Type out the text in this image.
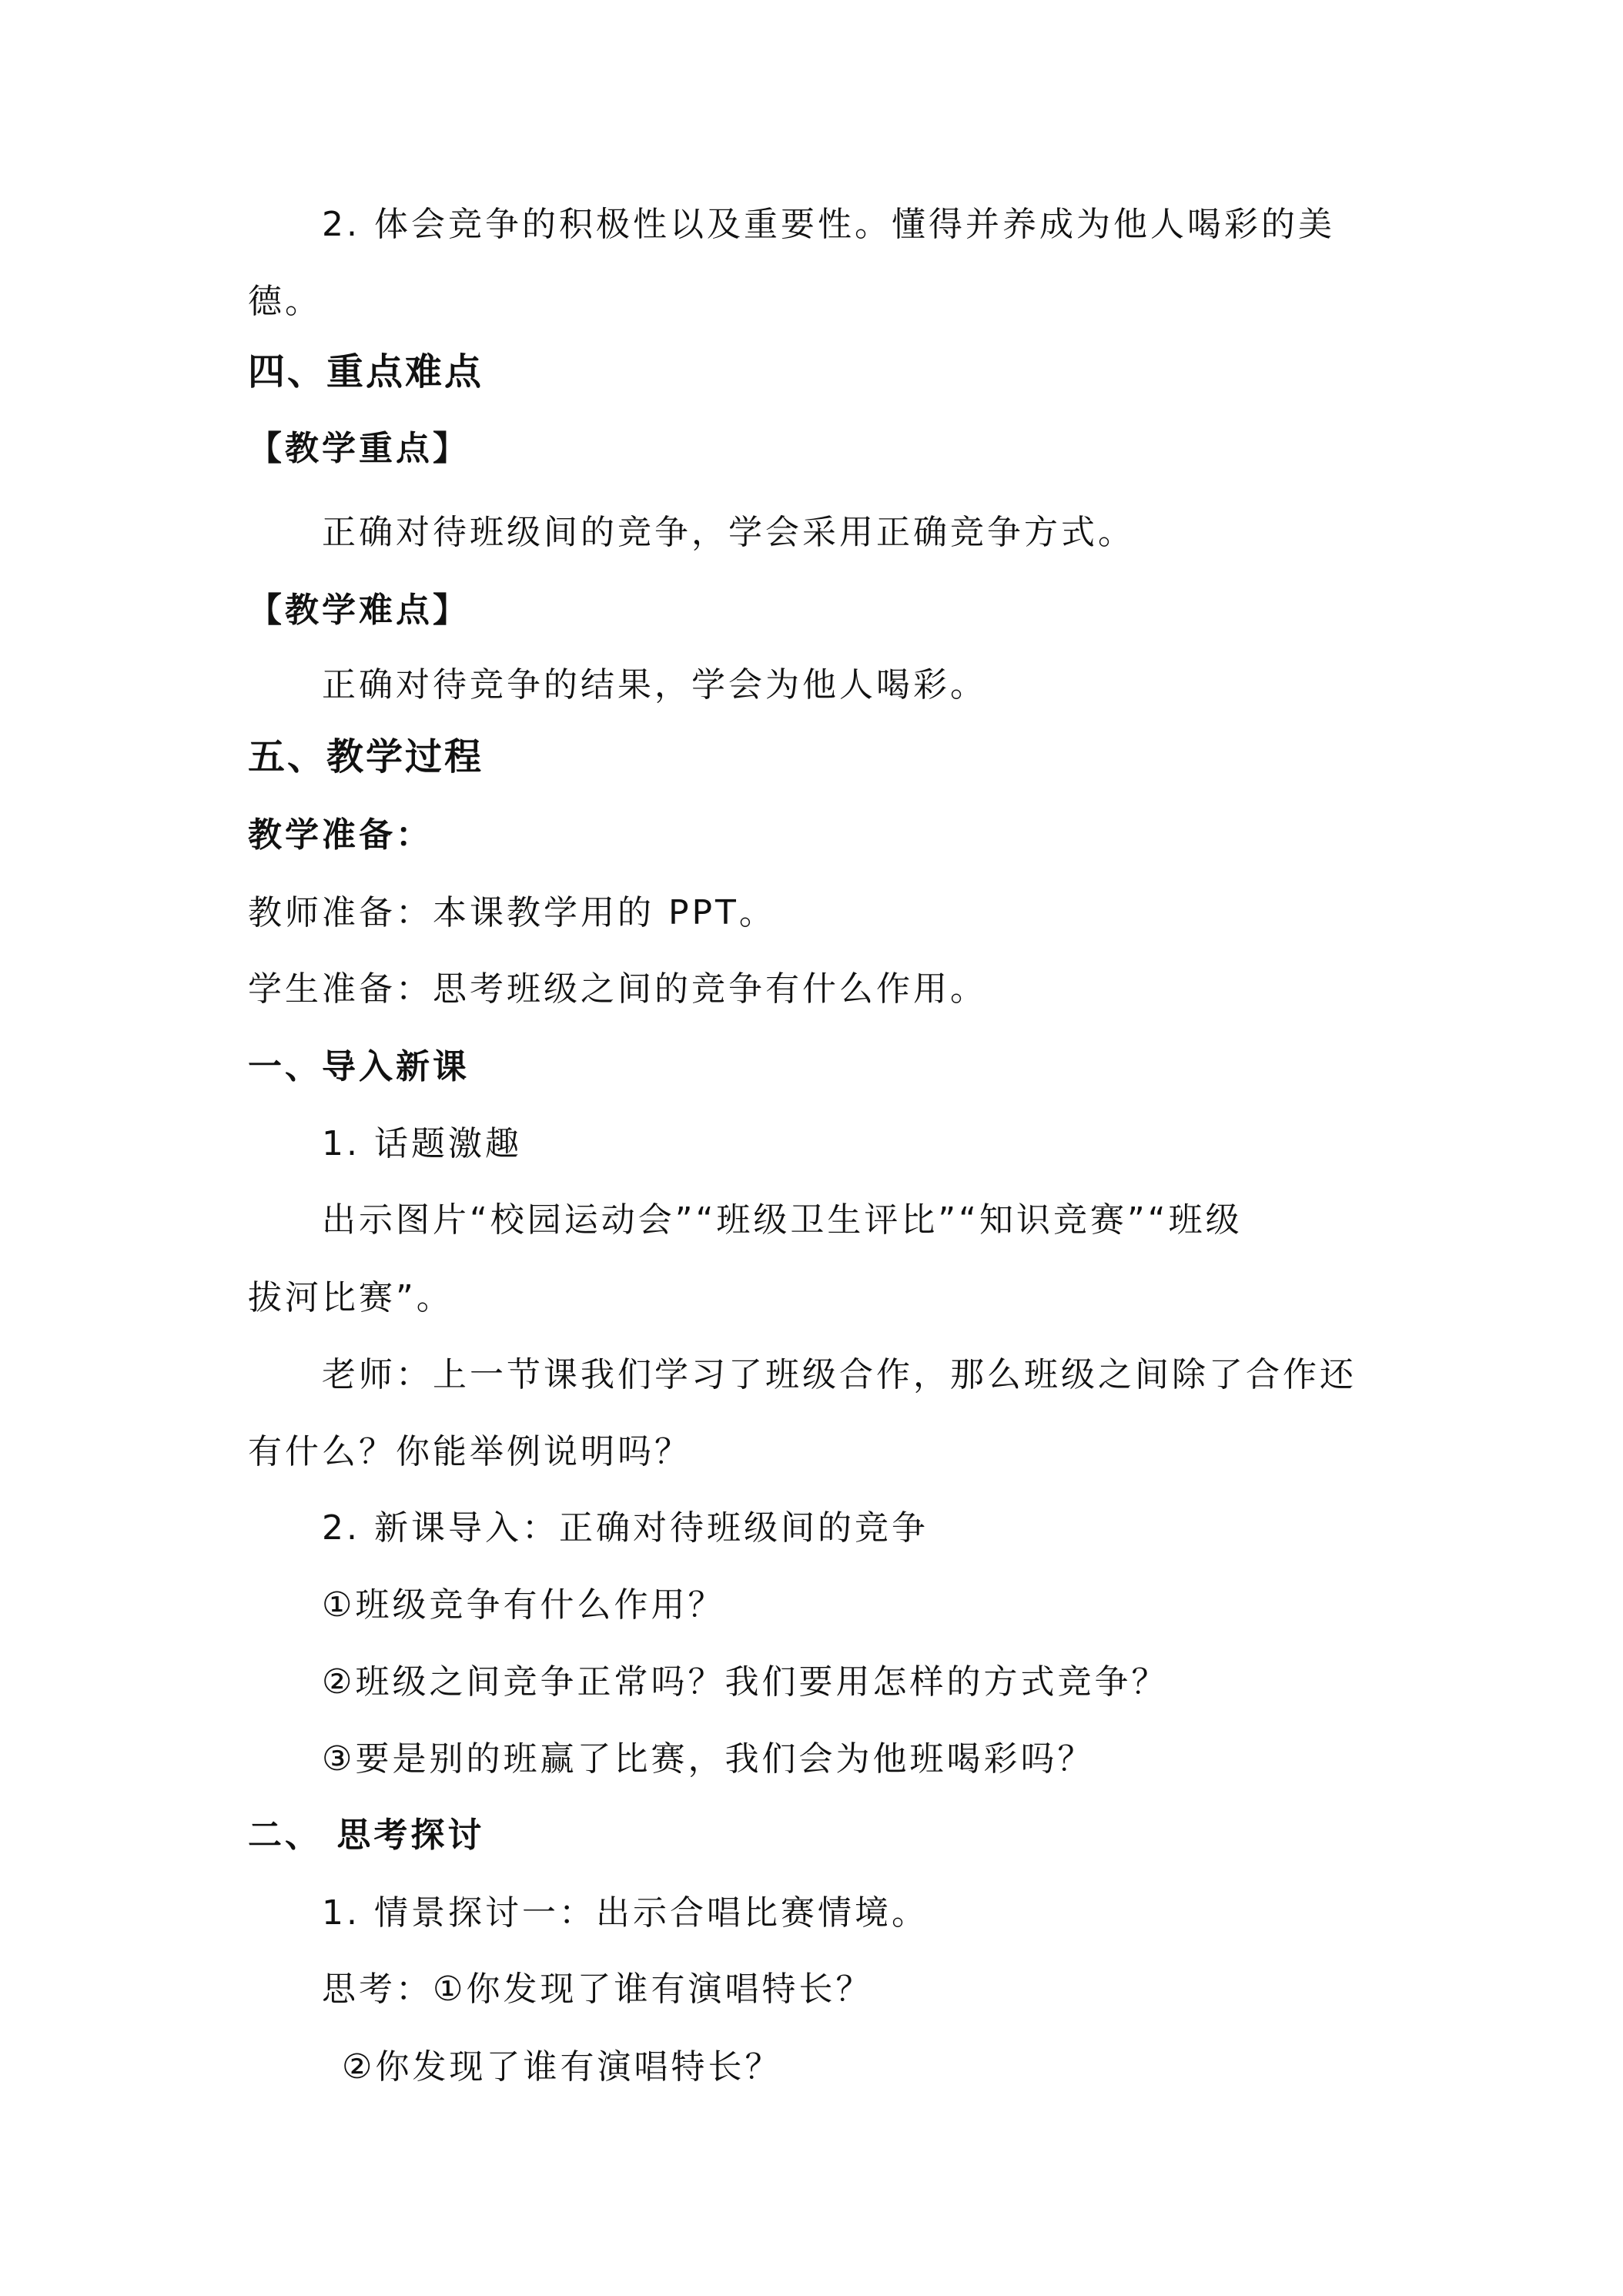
2. 体会竞争的积极性以及重要性。懂得并养成为他人喝彩的美
德。
四、重点难点
【教学重点】
正确对待班级间的竞争，学会采用正确竞争方式。
【教学难点】
正确对待竞争的结果，学会为他人喝彩。
五、教学过程
教学准备：
教师准备：本课教学用的 PPT。
学生准备：思考班级之间的竞争有什么作用。
一、导入新课
1. 话题激趣
出示图片“校园运动会”“班级卫生评比”“知识竞赛”“班级
拔河比赛”。
老师：上一节课我们学习了班级合作，那么班级之间除了合作还
有什么？你能举例说明吗？
2. 新课导入：正确对待班级间的竞争
①班级竞争有什么作用？
②班级之间竞争正常吗？我们要用怎样的方式竞争？
③要是别的班赢了比赛，我们会为他班喝彩吗？
二、 思考探讨
1. 情景探讨一：出示合唱比赛情境。
思考：①你发现了谁有演唱特长？
②你发现了谁有演唱特长？
